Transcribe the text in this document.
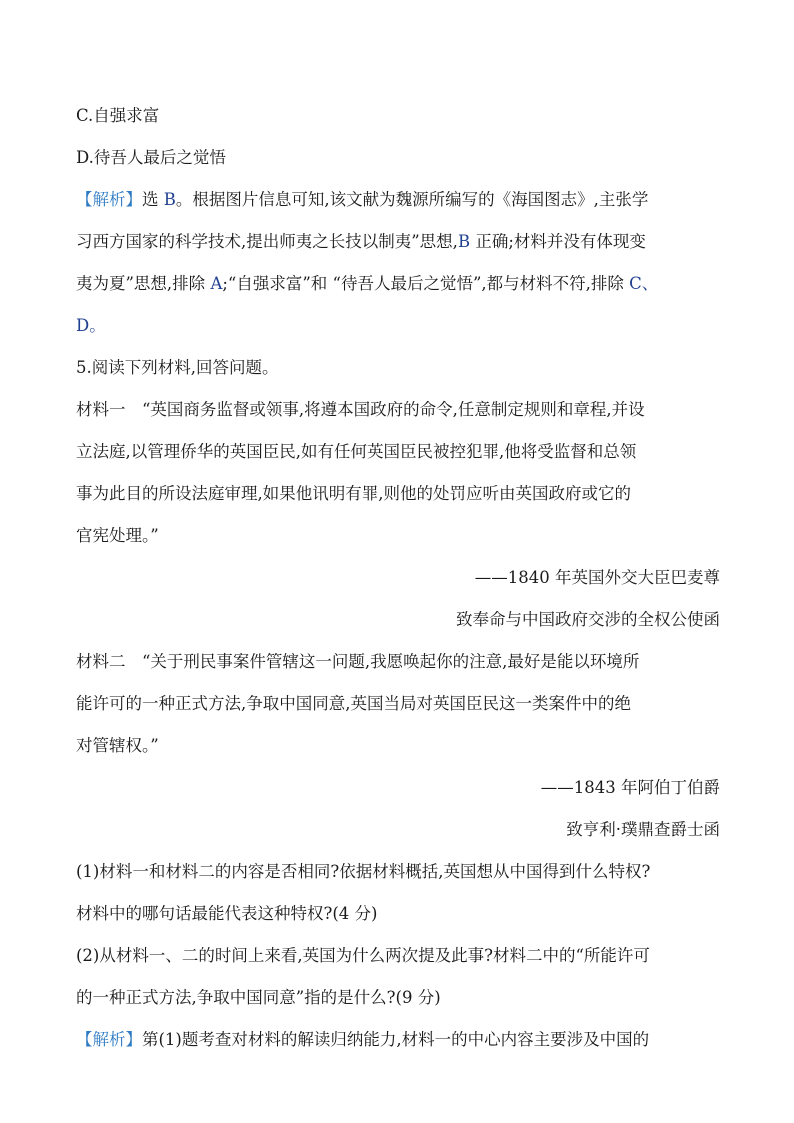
C.自强求富
D.待吾人最后之觉悟
【解析】选 B。根据图片信息可知,该文献为魏源所编写的《海国图志》,主张学
习西方国家的科学技术,提出师夷之长技以制夷”思想,B 正确;材料并没有体现变
夷为夏”思想,排除 A;“自强求富”和 “待吾人最后之觉悟”,都与材料不符,排除 C、
D。
5.阅读下列材料,回答问题。
材料一　“英国商务监督或领事,将遵本国政府的命令,任意制定规则和章程,并设
立法庭,以管理侨华的英国臣民,如有任何英国臣民被控犯罪,他将受监督和总领
事为此目的所设法庭审理,如果他讯明有罪,则他的处罚应听由英国政府或它的
官宪处理。”
——1840 年英国外交大臣巴麦尊
致奉命与中国政府交涉的全权公使函
材料二　“关于刑民事案件管辖这一问题,我愿唤起你的注意,最好是能以环境所
能许可的一种正式方法,争取中国同意,英国当局对英国臣民这一类案件中的绝
对管辖权。”
——1843 年阿伯丁伯爵
致亨利·璞鼎查爵士函
(1)材料一和材料二的内容是否相同?依据材料概括,英国想从中国得到什么特权?
材料中的哪句话最能代表这种特权?(4 分)
(2)从材料一、二的时间上来看,英国为什么两次提及此事?材料二中的“所能许可
的一种正式方法,争取中国同意”指的是什么?(9 分)
【解析】第(1)题考查对材料的解读归纳能力,材料一的中心内容主要涉及中国的
